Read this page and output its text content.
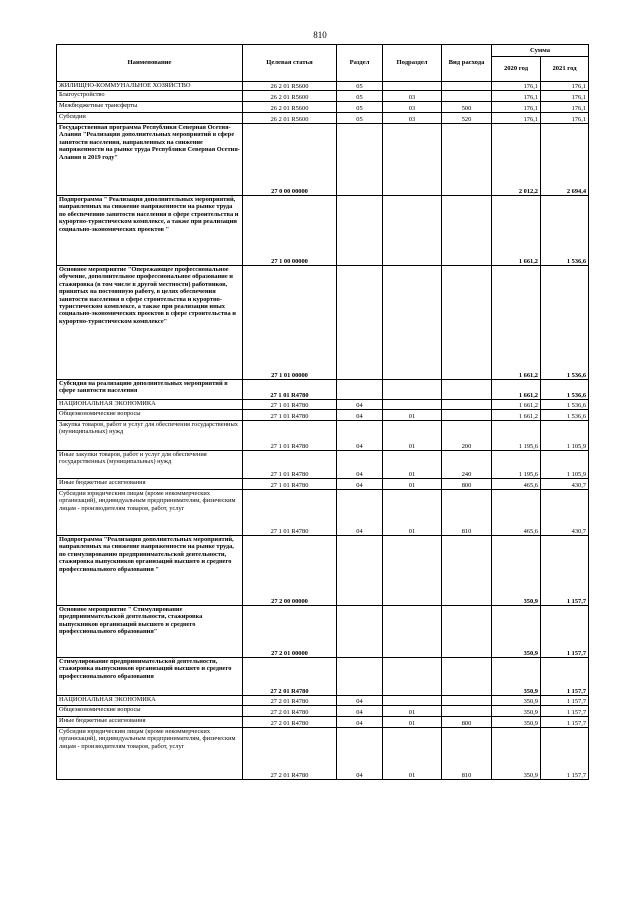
810
Наименование	Целевая статья	Раздел	Подраздел	Вид расхода	Сумма	
					2020 год	2021 год
ЖИЛИЩНО-КОММУНАЛЬНОЕ ХОЗЯЙСТВО	26 2 01 R5600	05			176,1	176,1
Благоустройство	26 2 01 R5600	05	03		176,1	176,1
Межбюджетные трансферты	26 2 01 R5600	05	03	500	176,1	176,1
Субсидии	26 2 01 R5600	05	03	520	176,1	176,1
Государственная программа Республики Северная Осетия-Алания "Реализация дополнительных мероприятий в сфере занятости населения, направленных на снижение напряженности на рынке труда Республики Северная Осетия-Алания в 2019 году"	27 0 00 00000				2 012,2	2 694,4
Подпрограмма " Реализация дополнительных мероприятий, направленных на снижение напряженности на рынке труда по обеспечению занятости населения в сфере строительства и курортно-туристическом комплексе, а также при реализации социально-экономических проектов "	27 1 00 00000				1 661,2	1 536,6
Основное мероприятие "Опережающее профессиональное обучение, дополнительное профессиональное образование и стажировка (в том числе в другой местности) работников, принятых на постоянную работу, в целях обеспечения занятости населения в сфере строительства и курортно-туристическом комплексе, а также при реализации иных социально-экономических проектов в сфере строительства и курортно-туристическом комплексе"	27 1 01 00000				1 661,2	1 536,6
Субсидия на реализацию дополнительных мероприятий в сфере занятости населения	27 1 01 R4780				1 661,2	1 536,6
НАЦИОНАЛЬНАЯ ЭКОНОМИКА	27 1 01 R4780	04			1 661,2	1 536,6
Общеэкономические вопросы	27 1 01 R4780	04	01		1 661,2	1 536,6
Закупка товаров, работ и услуг для обеспечения государственных (муниципальных) нужд	27 1 01 R4780	04	01	200	1 195,6	1 105,9
Иные закупки товаров, работ и услуг для обеспечения государственных (муниципальных) нужд	27 1 01 R4780	04	01	240	1 195,6	1 105,9
Иные бюджетные ассигнования	27 1 01 R4780	04	01	800	465,6	430,7
Субсидии юридическим лицам (кроме некоммерческих организаций), индивидуальным предпринимателям, физическим лицам - производителям товаров, работ, услуг	27 1 01 R4780	04	01	810	465,6	430,7
Подпрограмма "Реализация дополнительных мероприятий, направленных на снижение напряженности на рынке труда, по стимулированию предпринимательской деятельности, стажировка выпускников организаций высшего и среднего профессионального образования "	27 2 00 00000				350,9	1 157,7
Основное мероприятие " Стимулирование предпринимательской деятельности, стажировка выпускников организаций высшего и среднего профессионального образования"	27 2 01 00000				350,9	1 157,7
Стимулирование предпринимательской деятельности, стажировка выпускников организаций высшего и среднего профессионального образования	27 2 01 R4780				350,9	1 157,7
НАЦИОНАЛЬНАЯ ЭКОНОМИКА	27 2 01 R4780	04			350,9	1 157,7
Общеэкономические вопросы	27 2 01 R4780	04	01		350,9	1 157,7
Иные бюджетные ассигнования	27 2 01 R4780	04	01	800	350,9	1 157,7
Субсидии юридическим лицам (кроме некоммерческих организаций), индивидуальным предпринимателям, физическим лицам - производителям товаров, работ, услуг	27 2 01 R4780	04	01	810	350,9	1 157,7
